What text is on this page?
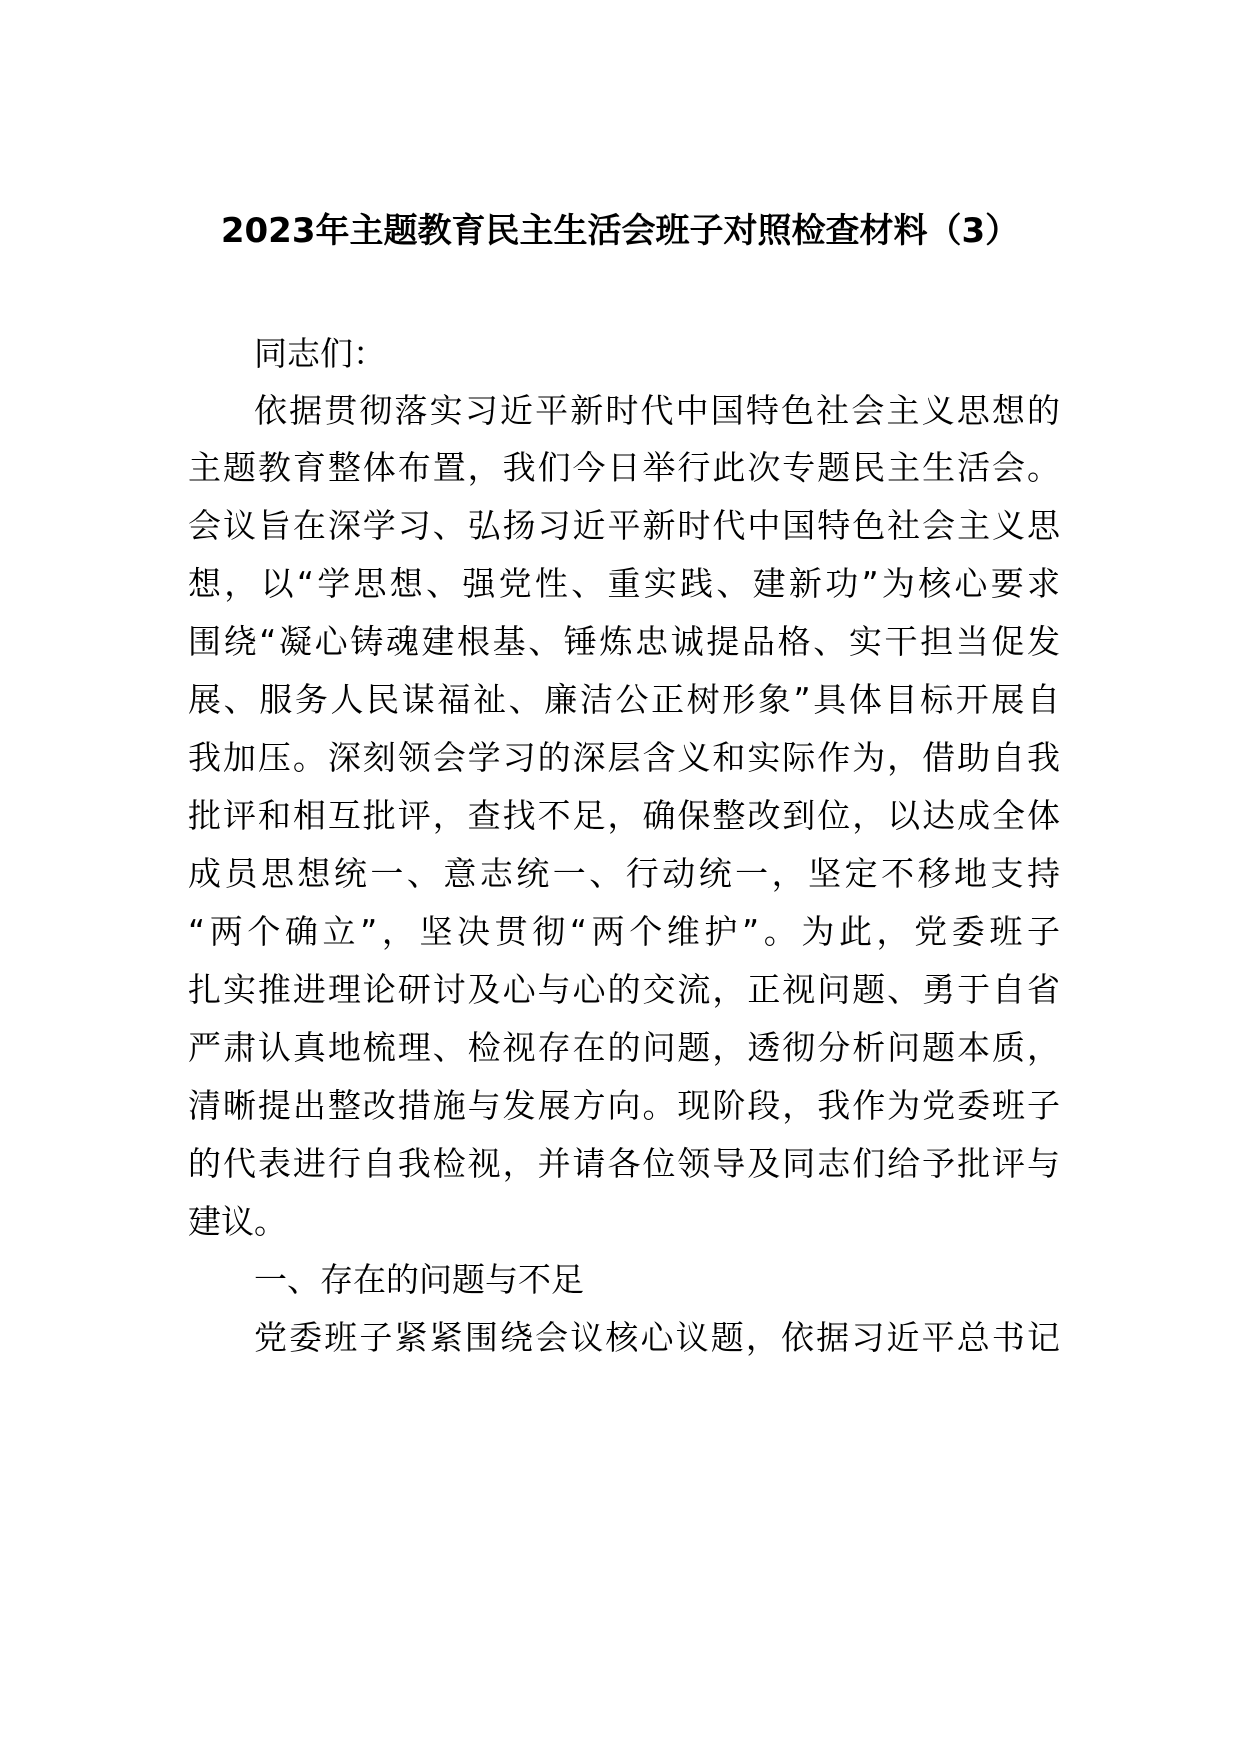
2023年主题教育民主生活会班子对照检查材料（3）
同志们：
依据贯彻落实习近平新时代中国特色社会主义思想的
主题教育整体布置，我们今日举行此次专题民主生活会。
会议旨在深学习、弘扬习近平新时代中国特色社会主义思
想，以“学思想、强党性、重实践、建新功”为核心要求
围绕“凝心铸魂建根基、锤炼忠诚提品格、实干担当促发
展、服务人民谋福祉、廉洁公正树形象”具体目标开展自
我加压。深刻领会学习的深层含义和实际作为，借助自我
批评和相互批评，查找不足，确保整改到位，以达成全体
成员思想统一、意志统一、行动统一，坚定不移地支持
“两个确立”，坚决贯彻“两个维护”。为此，党委班子
扎实推进理论研讨及心与心的交流，正视问题、勇于自省
严肃认真地梳理、检视存在的问题，透彻分析问题本质，
清晰提出整改措施与发展方向。现阶段，我作为党委班子
的代表进行自我检视，并请各位领导及同志们给予批评与
建议。
一、存在的问题与不足
党委班子紧紧围绕会议核心议题，依据习近平总书记
